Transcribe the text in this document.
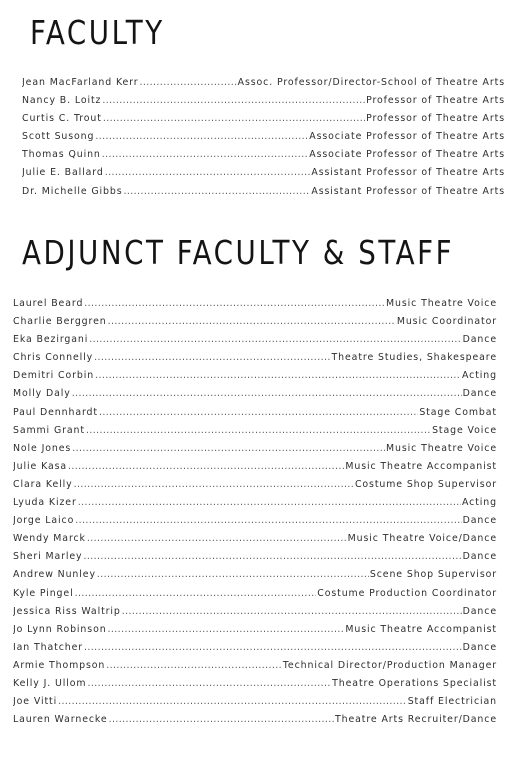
FACULTY
Jean MacFarland Kerr .....	Assoc. Professor/Director-School of Theatre Arts
Nancy B. Loitz .....	Professor of Theatre Arts
Curtis C. Trout .....	Professor of Theatre Arts
Scott Susong .....	Associate Professor of Theatre Arts
Thomas Quinn .....	Associate Professor of Theatre Arts
Julie E. Ballard .....	Assistant Professor of Theatre Arts
Dr. Michelle Gibbs .....	Assistant Professor of Theatre Arts
ADJUNCT FACULTY & STAFF
Laurel Beard .....	Music Theatre Voice
Charlie Berggren .....	Music Coordinator
Eka Bezirgani .....	Dance
Chris Connelly .....	Theatre Studies, Shakespeare
Demitri Corbin .....	Acting
Molly Daly .....	Dance
Paul Dennhardt .....	Stage Combat
Sammi Grant .....	Stage Voice
Nole Jones .....	Music Theatre Voice
Julie Kasa .....	Music Theatre Accompanist
Clara Kelly .....	Costume Shop Supervisor
Lyuda Kizer .....	Acting
Jorge Laico .....	Dance
Wendy Marck .....	Music Theatre Voice/Dance
Sheri Marley .....	Dance
Andrew Nunley .....	Scene Shop Supervisor
Kyle Pingel .....	Costume Production Coordinator
Jessica Riss Waltrip .....	Dance
Jo Lynn Robinson .....	Music Theatre Accompanist
Ian Thatcher .....	Dance
Armie Thompson .....	Technical Director/Production Manager
Kelly J. Ullom .....	Theatre Operations Specialist
Joe Vitti .....	Staff Electrician
Lauren Warnecke .....	Theatre Arts Recruiter/Dance
